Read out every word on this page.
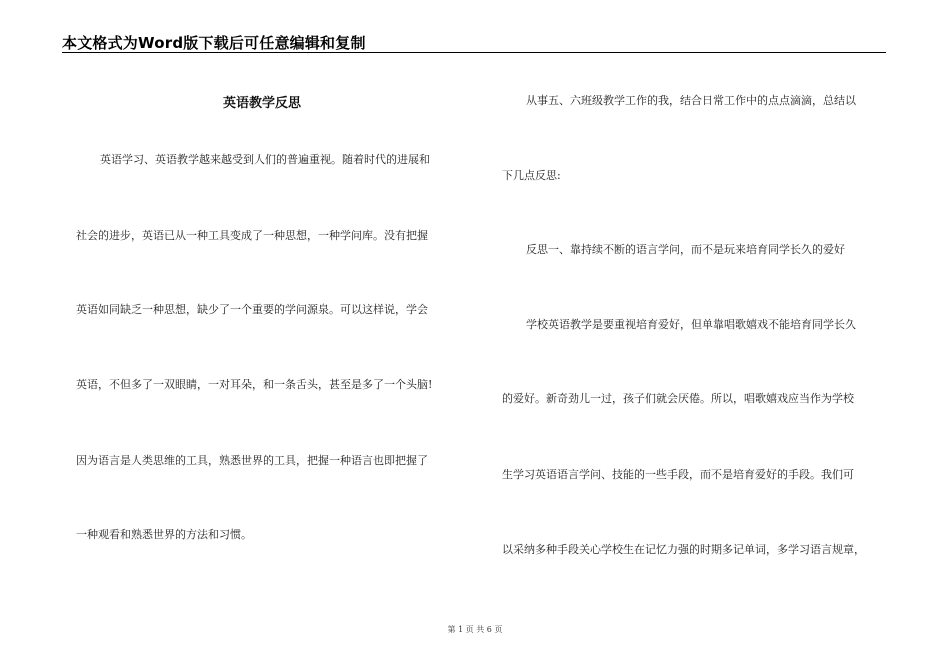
本文格式为Word版下载后可任意编辑和复制
英语教学反思
英语学习、英语教学越来越受到人们的普遍重视。随着时代的进展和
社会的进步，英语已从一种工具变成了一种思想，一种学问库。没有把握
英语如同缺乏一种思想，缺少了一个重要的学问源泉。可以这样说，学会
英语，不但多了一双眼睛，一对耳朵，和一条舌头，甚至是多了一个头脑!
因为语言是人类思维的工具，熟悉世界的工具，把握一种语言也即把握了
一种观看和熟悉世界的方法和习惯。
从事五、六班级教学工作的我，结合日常工作中的点点滴滴，总结以
下几点反思:
反思一、靠持续不断的语言学问，而不是玩来培育同学长久的爱好
学校英语教学是要重视培育爱好，但单靠唱歌嬉戏不能培育同学长久
的爱好。新奇劲儿一过，孩子们就会厌倦。所以，唱歌嬉戏应当作为学校
生学习英语语言学问、技能的一些手段，而不是培育爱好的手段。我们可
以采纳多种手段关心学校生在记忆力强的时期多记单词，多学习语言规章，
第 1 页 共 6 页
